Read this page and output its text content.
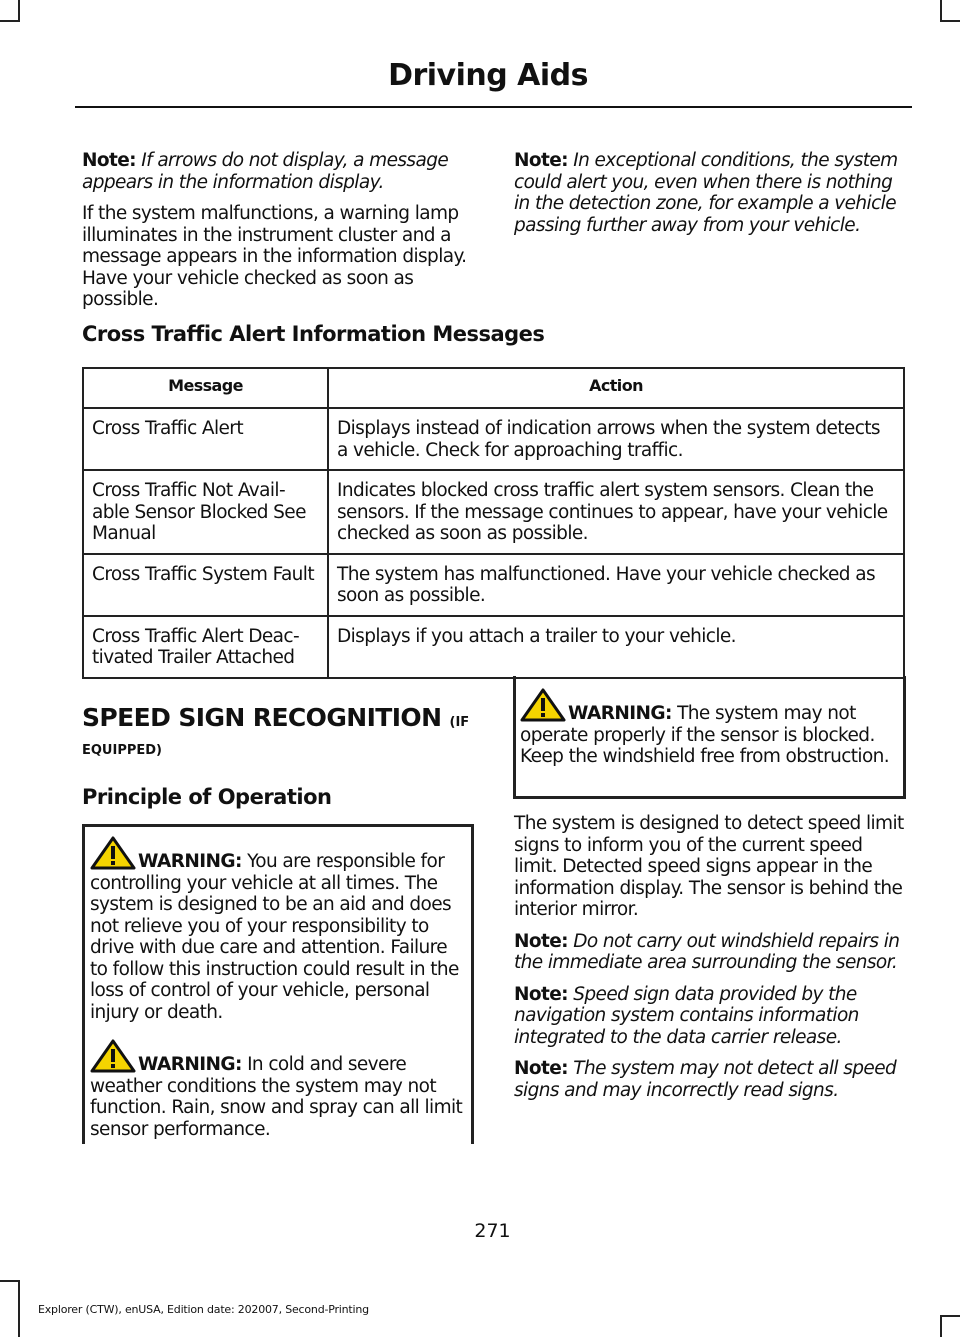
Driving Aids

Note: If arrows do not display, a message appears in the information display.

If the system malfunctions, a warning lamp illuminates in the instrument cluster and a message appears in the information display. Have your vehicle checked as soon as possible.

Note: In exceptional conditions, the system could alert you, even when there is nothing in the detection zone, for example a vehicle passing further away from your vehicle.

Cross Traffic Alert Information Messages
Message	Action
Cross Traffic Alert	Displays instead of indication arrows when the system detects a vehicle. Check for approaching traffic.
Cross Traffic Not Avail-able Sensor Blocked See Manual	Indicates blocked cross traffic alert system sensors. Clean the sensors. If the message continues to appear, have your vehicle checked as soon as possible.
Cross Traffic System Fault	The system has malfunctioned. Have your vehicle checked as soon as possible.
Cross Traffic Alert Deac-tivated Trailer Attached	Displays if you attach a trailer to your vehicle.
SPEED SIGN RECOGNITION (IF
EQUIPPED)
Principle of Operation

WARNING: You are responsible for controlling your vehicle at all times. The system is designed to be an aid and does not relieve you of your responsibility to drive with due care and attention. Failure to follow this instruction could result in the loss of control of your vehicle, personal injury or death.

WARNING: In cold and severe weather conditions the system may not function. Rain, snow and spray can all limit sensor performance.

WARNING: The system may not operate properly if the sensor is blocked. Keep the windshield free from obstruction.

The system is designed to detect speed limit signs to inform you of the current speed limit. Detected speed signs appear in the information display. The sensor is behind the interior mirror.

Note: Do not carry out windshield repairs in the immediate area surrounding the sensor.

Note: Speed sign data provided by the navigation system contains information integrated to the data carrier release.

Note: The system may not detect all speed signs and may incorrectly read signs.

271
Explorer (CTW), enUSA, Edition date: 202007, Second-Printing
